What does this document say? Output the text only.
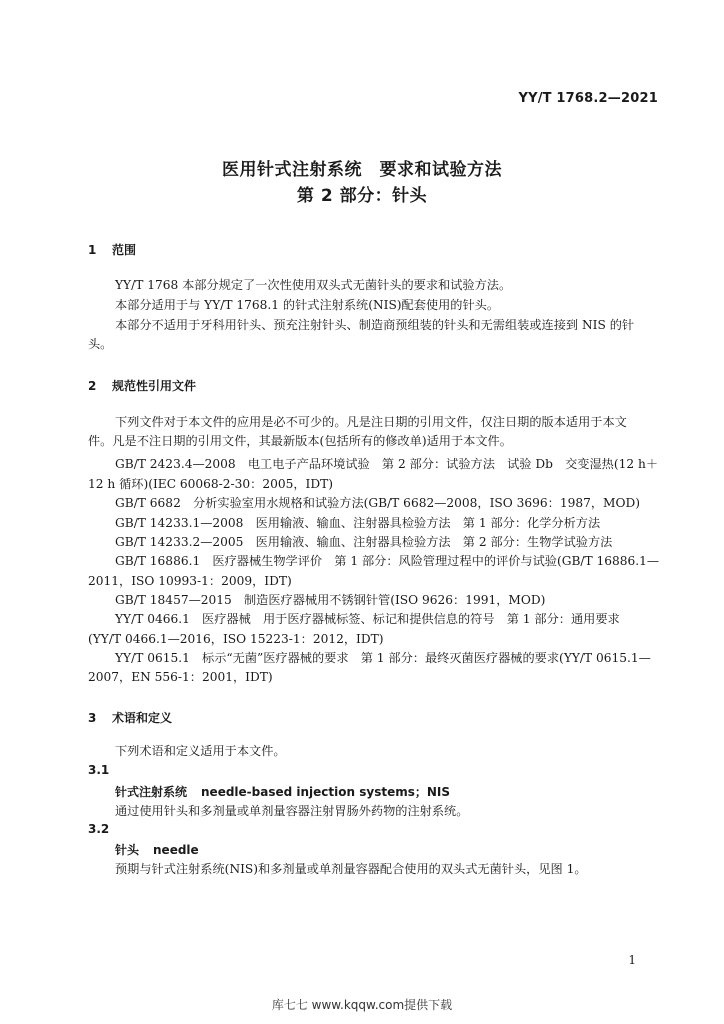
YY/T 1768.2—2021
医用针式注射系统　要求和试验方法
第 2 部分：针头
1 范围

YY/T 1768 本部分规定了一次性使用双头式无菌针头的要求和试验方法。

本部分适用于与 YY/T 1768.1 的针式注射系统(NIS)配套使用的针头。

本部分不适用于牙科用针头、预充注射针头、制造商预组装的针头和无需组装或连接到 NIS 的针头。

2 规范性引用文件

下列文件对于本文件的应用是必不可少的。凡是注日期的引用文件，仅注日期的版本适用于本文件。凡是不注日期的引用文件，其最新版本(包括所有的修改单)适用于本文件。

GB/T 2423.4—2008　电工电子产品环境试验　第 2 部分：试验方法　试验 Db　交变湿热(12 h＋
12 h 循环)(IEC 60068-2-30：2005，IDT)
GB/T 6682　分析实验室用水规格和试验方法(GB/T 6682—2008，ISO 3696：1987，MOD)
GB/T 14233.1—2008　医用输液、输血、注射器具检验方法　第 1 部分：化学分析方法
GB/T 14233.2—2005　医用输液、输血、注射器具检验方法　第 2 部分：生物学试验方法
GB/T 16886.1　医疗器械生物学评价　第 1 部分：风险管理过程中的评价与试验(GB/T 16886.1—
2011，ISO 10993-1：2009，IDT)
GB/T 18457—2015　制造医疗器械用不锈钢针管(ISO 9626：1991，MOD)
YY/T 0466.1　医疗器械　用于医疗器械标签、标记和提供信息的符号　第 1 部分：通用要求
(YY/T 0466.1—2016，ISO 15223-1：2012，IDT)
YY/T 0615.1　标示“无菌”医疗器械的要求　第 1 部分：最终灭菌医疗器械的要求(YY/T 0615.1—
2007，EN 556-1：2001，IDT)
3 术语和定义
下列术语和定义适用于本文件。
3.1
针式注射系统 needle-based injection systems；NIS
通过使用针头和多剂量或单剂量容器注射胃肠外药物的注射系统。
3.2
针头 needle
预期与针式注射系统(NIS)和多剂量或单剂量容器配合使用的双头式无菌针头，见图 1。
1
库七七 www.kqqw.com提供下载
